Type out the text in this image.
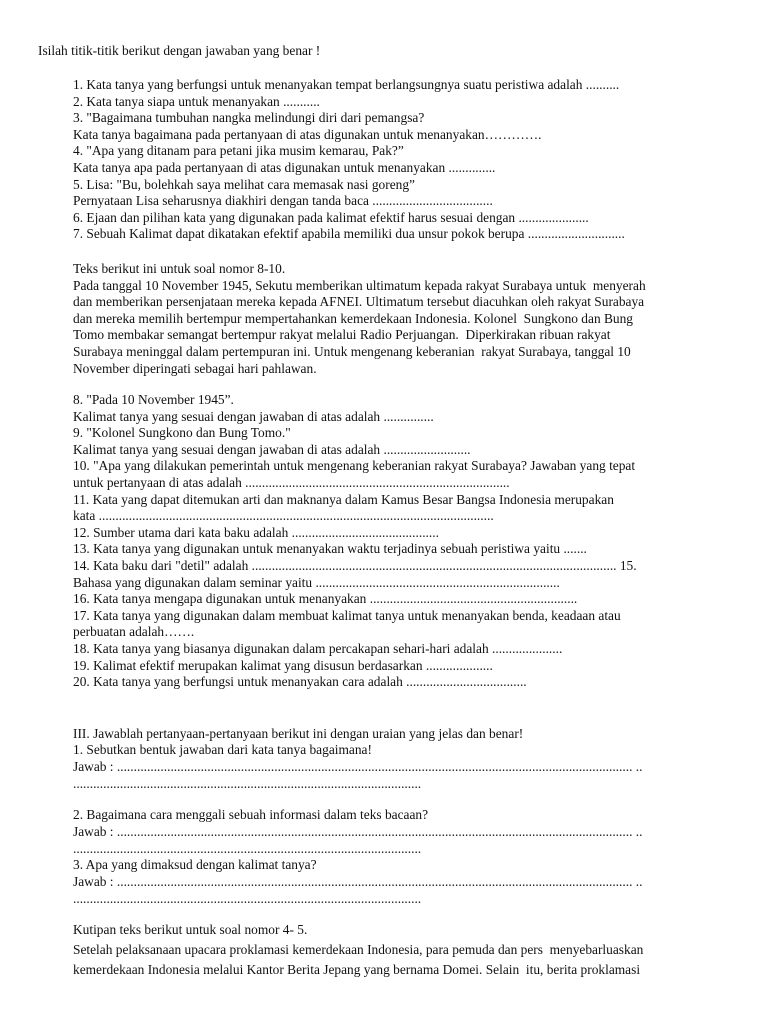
Isilah titik-titik berikut dengan jawaban yang benar !
1. Kata tanya yang berfungsi untuk menanyakan tempat berlangsungnya suatu peristiwa adalah ..........
2. Kata tanya siapa untuk menanyakan ...........
3. "Bagaimana tumbuhan nangka melindungi diri dari pemangsa?
Kata tanya bagaimana pada pertanyaan di atas digunakan untuk menanyakan………….
4. "Apa yang ditanam para petani jika musim kemarau, Pak?”
Kata tanya apa pada pertanyaan di atas digunakan untuk menanyakan ..............
5. Lisa: "Bu, bolehkah saya melihat cara memasak nasi goreng”
Pernyataan Lisa seharusnya diakhiri dengan tanda baca ....................................
6. Ejaan dan pilihan kata yang digunakan pada kalimat efektif harus sesuai dengan .....................
7. Sebuah Kalimat dapat dikatakan efektif apabila memiliki dua unsur pokok berupa .............................
Teks berikut ini untuk soal nomor 8-10.
Pada tanggal 10 November 1945, Sekutu memberikan ultimatum kepada rakyat Surabaya untuk  menyerah
dan memberikan persenjataan mereka kepada AFNEI. Ultimatum tersebut diacuhkan oleh rakyat Surabaya
dan mereka memilih bertempur mempertahankan kemerdekaan Indonesia. Kolonel  Sungkono dan Bung
Tomo membakar semangat bertempur rakyat melalui Radio Perjuangan.  Diperkirakan ribuan rakyat
Surabaya meninggal dalam pertempuran ini. Untuk mengenang keberanian  rakyat Surabaya, tanggal 10
November diperingati sebagai hari pahlawan.
8. "Pada 10 November 1945”.
Kalimat tanya yang sesuai dengan jawaban di atas adalah ...............
9. "Kolonel Sungkono dan Bung Tomo."
Kalimat tanya yang sesuai dengan jawaban di atas adalah ..........................
10. "Apa yang dilakukan pemerintah untuk mengenang keberanian rakyat Surabaya? Jawaban yang tepat
untuk pertanyaan di atas adalah ...............................................................................
11. Kata yang dapat ditemukan arti dan maknanya dalam Kamus Besar Bangsa Indonesia merupakan
kata ......................................................................................................................
12. Sumber utama dari kata baku adalah ............................................
13. Kata tanya yang digunakan untuk menanyakan waktu terjadinya sebuah peristiwa yaitu .......
14. Kata baku dari "detil" adalah ............................................................................................................. 15.
Bahasa yang digunakan dalam seminar yaitu .........................................................................
16. Kata tanya mengapa digunakan untuk menanyakan ..............................................................
17. Kata tanya yang digunakan dalam membuat kalimat tanya untuk menanyakan benda, keadaan atau
perbuatan adalah…….
18. Kata tanya yang biasanya digunakan dalam percakapan sehari-hari adalah .....................
19. Kalimat efektif merupakan kalimat yang disusun berdasarkan ....................
20. Kata tanya yang berfungsi untuk menanyakan cara adalah ....................................
III. Jawablah pertanyaan-pertanyaan berikut ini dengan uraian yang jelas dan benar!
1. Sebutkan bentuk jawaban dari kata tanya bagaimana!
Jawab : .......................................................................................................................................................... ..
........................................................................................................
2. Bagaimana cara menggali sebuah informasi dalam teks bacaan?
Jawab : .......................................................................................................................................................... ..
........................................................................................................
3. Apa yang dimaksud dengan kalimat tanya?
Jawab : .......................................................................................................................................................... ..
........................................................................................................
Kutipan teks berikut untuk soal nomor 4- 5.
Setelah pelaksanaan upacara proklamasi kemerdekaan Indonesia, para pemuda dan pers  menyebarluaskan
kemerdekaan Indonesia melalui Kantor Berita Jepang yang bernama Domei. Selain  itu, berita proklamasi
